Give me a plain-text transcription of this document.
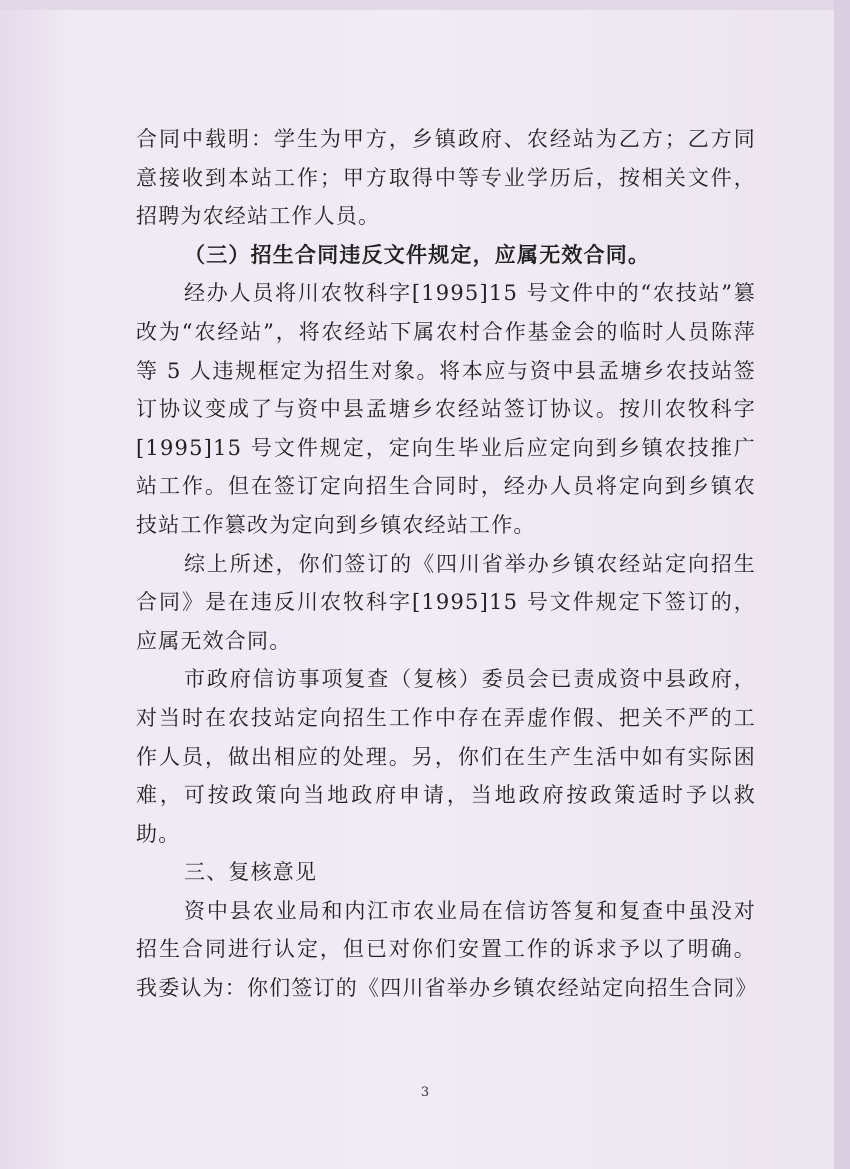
合同中载明：学生为甲方，乡镇政府、农经站为乙方；乙方同意接收到本站工作；甲方取得中等专业学历后，按相关文件，招聘为农经站工作人员。

（三）招生合同违反文件规定，应属无效合同。

经办人员将川农牧科字[1995]15 号文件中的“农技站”篡改为“农经站”，将农经站下属农村合作基金会的临时人员陈萍等 5 人违规框定为招生对象。将本应与资中县孟塘乡农技站签订协议变成了与资中县孟塘乡农经站签订协议。按川农牧科字[1995]15 号文件规定，定向生毕业后应定向到乡镇农技推广站工作。但在签订定向招生合同时，经办人员将定向到乡镇农技站工作篡改为定向到乡镇农经站工作。

综上所述，你们签订的《四川省举办乡镇农经站定向招生合同》是在违反川农牧科字[1995]15 号文件规定下签订的，应属无效合同。

市政府信访事项复查（复核）委员会已责成资中县政府，对当时在农技站定向招生工作中存在弄虚作假、把关不严的工作人员，做出相应的处理。另，你们在生产生活中如有实际困难，可按政策向当地政府申请，当地政府按政策适时予以救助。

三、复核意见

资中县农业局和内江市农业局在信访答复和复查中虽没对招生合同进行认定，但已对你们安置工作的诉求予以了明确。我委认为：你们签订的《四川省举办乡镇农经站定向招生合同》

3
